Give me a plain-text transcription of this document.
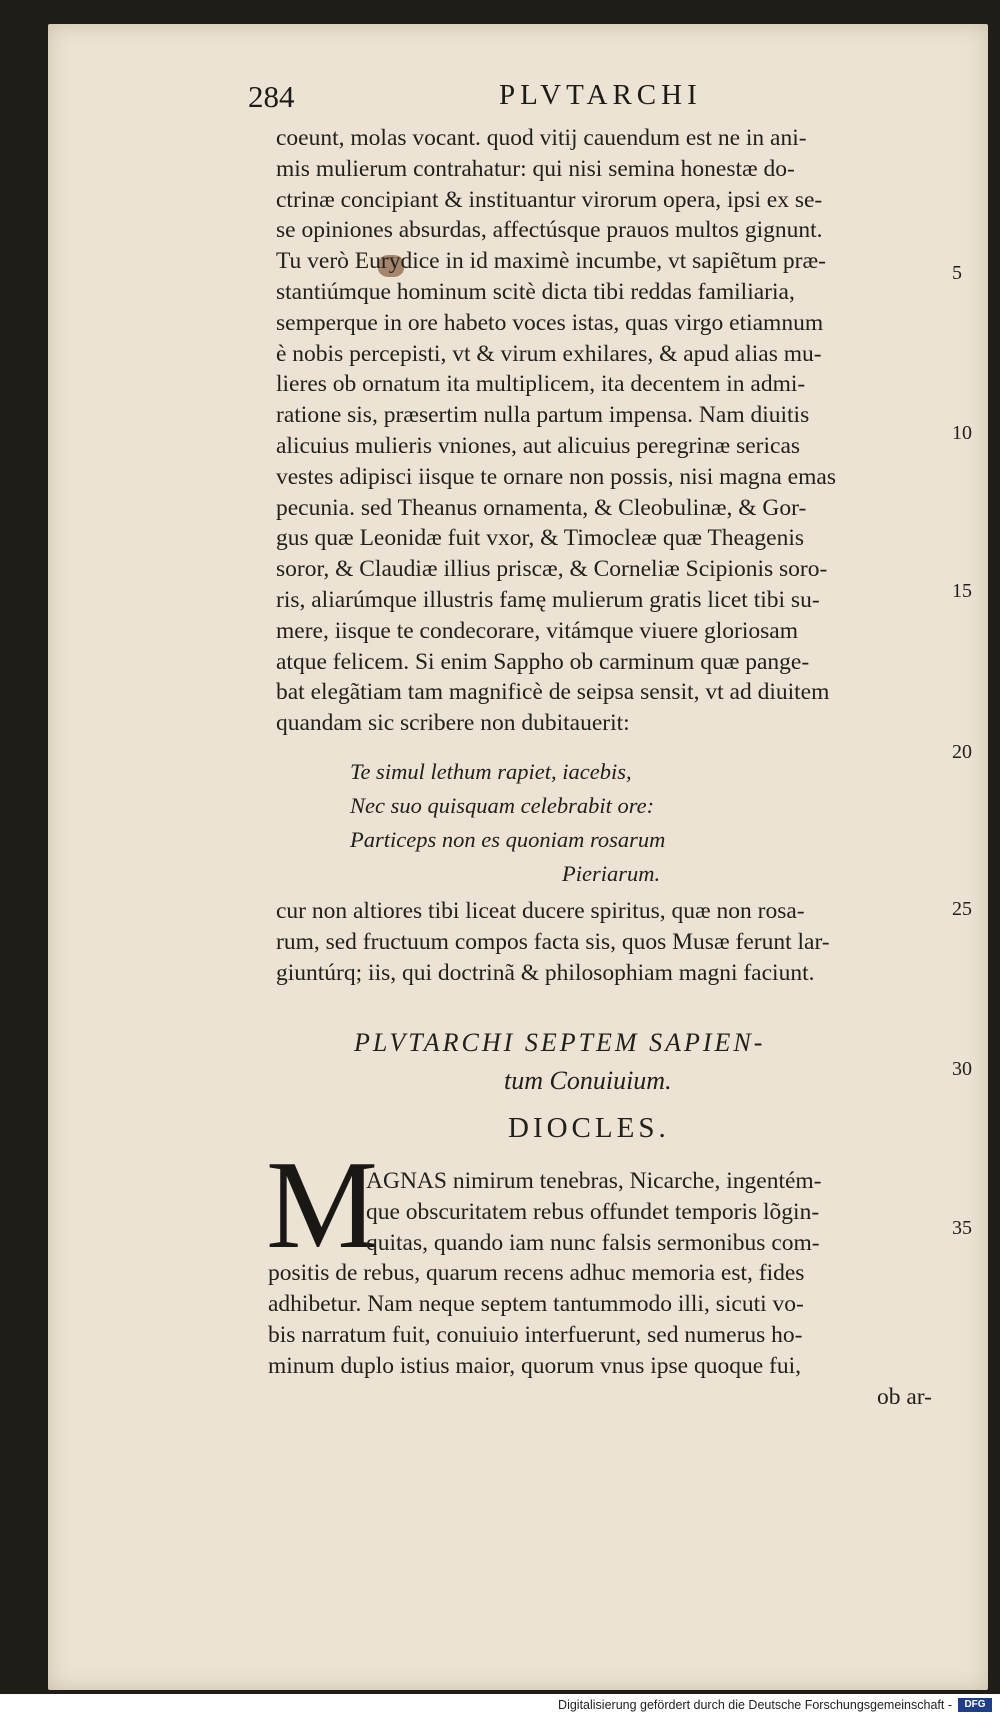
284	PLVTARCHI
coeunt, molas vocant. quod vitij cauendum est ne in ani-
mis mulierum contrahatur: qui nisi semina honestæ do-
ctrinæ concipiant & instituantur virorum opera, ipsi ex se-
se opiniones absurdas, affectúsque prauos multos gignunt.
Tu verò Eurydice in id maximè incumbe, vt sapiẽtum præ-
stantiúmque hominum scitè dicta tibi reddas familiaria,
semperque in ore habeto voces istas, quas virgo etiamnum
è nobis percepisti, vt & virum exhilares, & apud alias mu-
lieres ob ornatum ita multiplicem, ita decentem in admi-
ratione sis, præsertim nulla partum impensa. Nam diuitis
alicuius mulieris vniones, aut alicuius peregrinæ sericas
vestes adipisci iisque te ornare non possis, nisi magna emas
pecunia. sed Theanus ornamenta, & Cleobulinæ, & Gor-
gus quæ Leonidæ fuit vxor, & Timocleæ quæ Theagenis
soror, & Claudiæ illius priscæ, & Corneliæ Scipionis soro-
ris, aliarúmque illustris famę mulierum gratis licet tibi su-
mere, iisque te condecorare, vitámque viuere gloriosam
atque felicem. Si enim Sappho ob carminum quæ pange-
bat elegãtiam tam magnificè de seipsa sensit, vt ad diuitem
quandam sic scribere non dubitauerit:
Te simul lethum rapiet, iacebis,
Nec suo quisquam celebrabit ore:
Particeps non es quoniam rosarum
Pieriarum.
cur non altiores tibi liceat ducere spiritus, quæ non rosa-
rum, sed fructuum compos facta sis, quos Musæ ferunt lar-
giuntúrq; iis, qui doctrinã & philosophiam magni faciunt.
PLVTARCHI SEPTEM SAPIEN-
tum Conuiuium.
DIOCLES.
M
AGNAS nimirum tenebras, Nicarche, ingentém-
que obscuritatem rebus offundet temporis lõgin-
quitas, quando iam nunc falsis sermonibus com-
positis de rebus, quarum recens adhuc memoria est, fides
adhibetur. Nam neque septem tantummodo illi, sicuti vo-
bis narratum fuit, conuiuio interfuerunt, sed numerus ho-
minum duplo istius maior, quorum vnus ipse quoque fui,
ob ar-
5
10
15
20
25
30
35
Digitalisierung gefördert durch die Deutsche Forschungsgemeinschaft -	DFG
